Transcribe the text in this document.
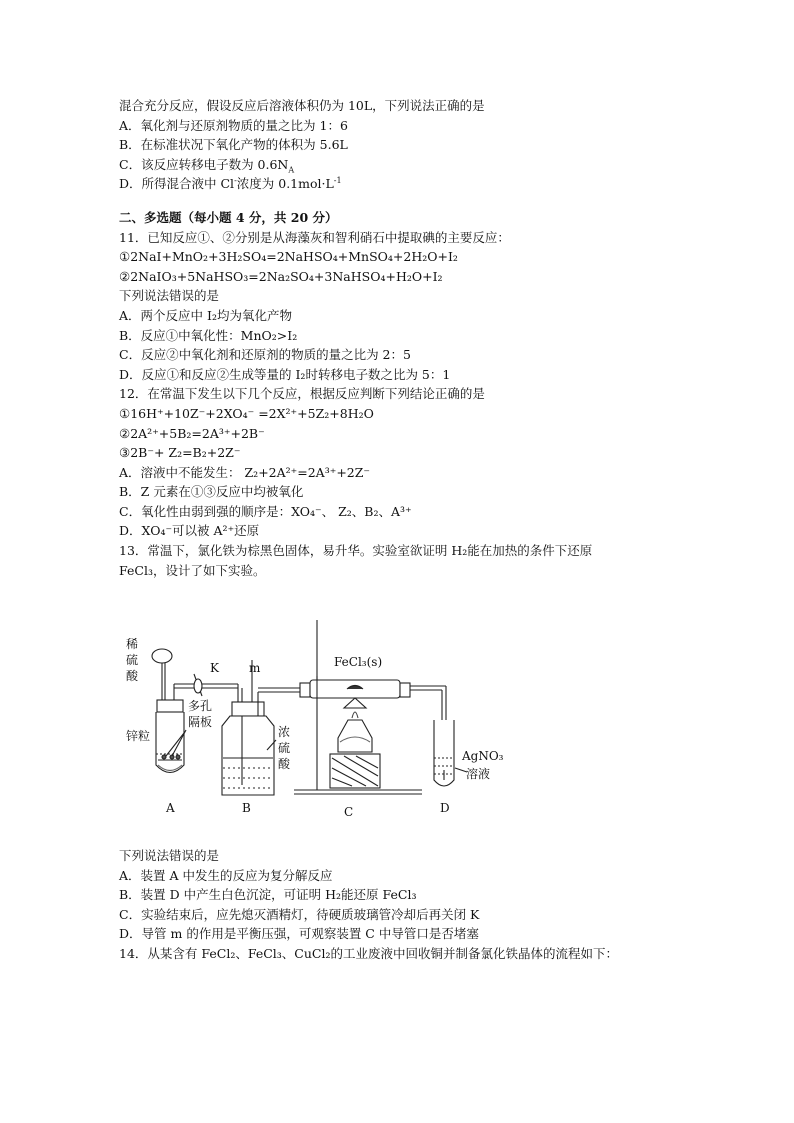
混合充分反应，假设反应后溶液体积仍为 10L，下列说法正确的是
A．氧化剂与还原剂物质的量之比为 1：6
B．在标准状况下氧化产物的体积为 5.6L
C．该反应转移电子数为 $0.6N_A$
D．所得混合液中 Cl-浓度为 $0.1mol\cdot L^{-1}$
二、多选题（每小题 4 分，共 20 分）
11．已知反应①、②分别是从海藻灰和智利硝石中提取碘的主要反应：
①2NaI+MnO₂+3H₂SO₄=2NaHSO₄+MnSO₄+2H₂O+I₂
②2NaIO₃+5NaHSO₃=2Na₂SO₄+3NaHSO₄+H₂O+I₂
下列说法错误的是
A．两个反应中 I₂均为氧化产物
B．反应①中氧化性：MnO₂>I₂
C．反应②中氧化剂和还原剂的物质的量之比为 2：5
D．反应①和反应②生成等量的 I₂时转移电子数之比为 5：1
12．在常温下发生以下几个反应，根据反应判断下列结论正确的是
①16H⁺+10Z⁻+2XO₄⁻ =2X²⁺+5Z₂+8H₂O
②2A²⁺+5B₂=2A³⁺+2B⁻
③2B⁻+ Z₂=B₂+2Z⁻
A．溶液中不能发生： Z₂+2A²⁺=2A³⁺+2Z⁻
B．Z 元素在①③反应中均被氧化
C．氧化性由弱到强的顺序是：XO₄⁻、 Z₂、B₂、A³⁺
D．XO₄⁻可以被 A²⁺还原
13．常温下，氯化铁为棕黑色固体，易升华。实验室欲证明 H₂能在加热的条件下还原
FeCl₃，设计了如下实验。
稀
硫
酸
K	m
多孔
隔板
锌粒	浓
硫
酸
FeCl₃(s)
AgNO₃
溶液
A	B	C	D
下列说法错误的是
A．装置 A 中发生的反应为复分解反应
B．装置 D 中产生白色沉淀，可证明 H₂能还原 FeCl₃
C．实验结束后，应先熄灭酒精灯，待硬质玻璃管冷却后再关闭 K
D．导管 m 的作用是平衡压强，可观察装置 C 中导管口是否堵塞
14．从某含有 FeCl₂、FeCl₃、CuCl₂的工业废液中回收铜并制备氯化铁晶体的流程如下：
